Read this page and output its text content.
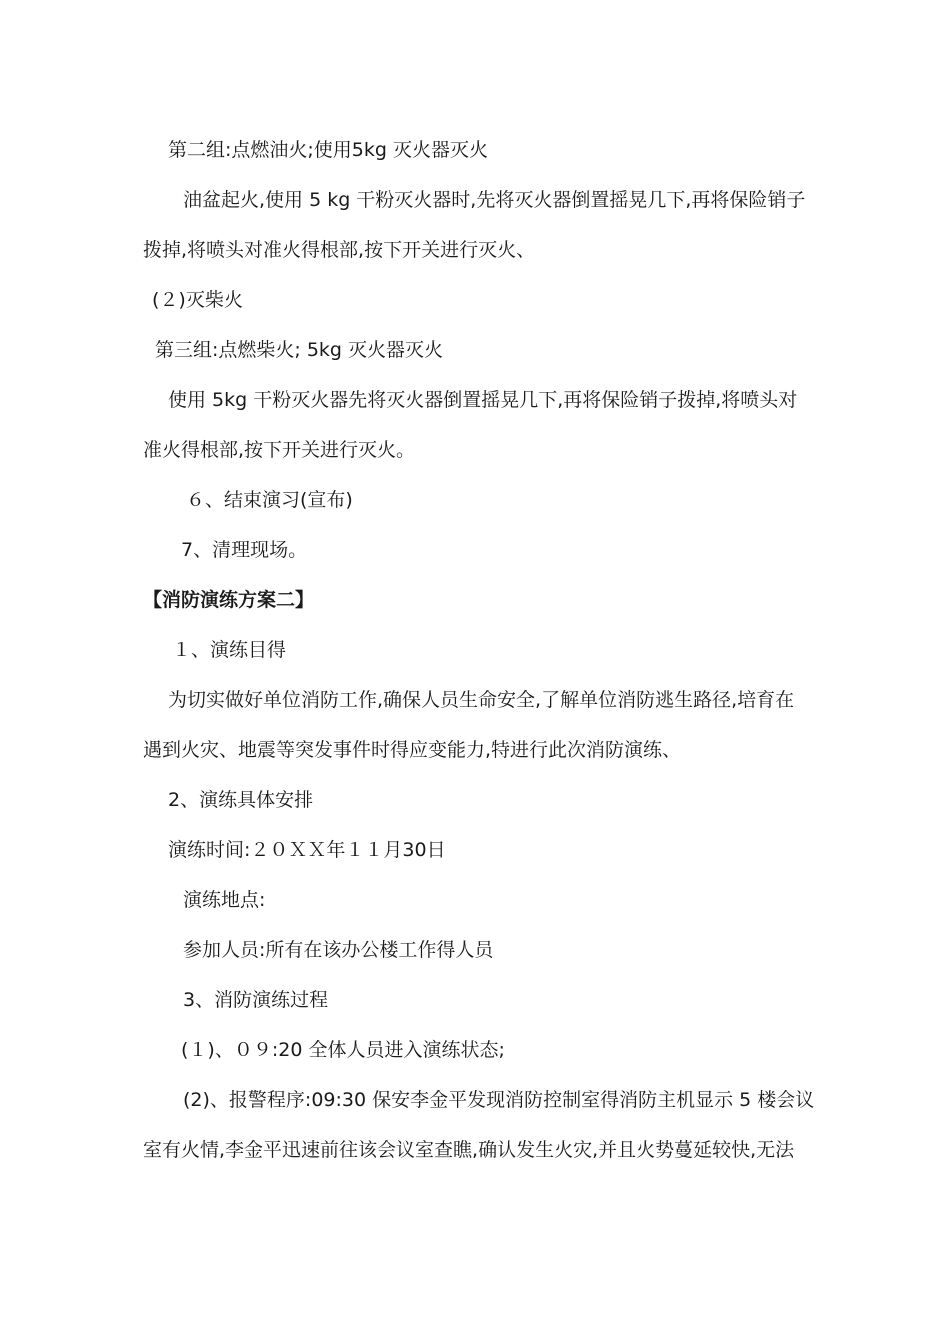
第二组:点燃油火;使用5kg 灭火器灭火

油盆起火,使用 5 kg 干粉灭火器时,先将灭火器倒置摇晃几下,再将保险销子

拨掉,将喷头对准火得根部,按下开关进行灭火、

(２)灭柴火

第三组:点燃柴火; 5kg 灭火器灭火

使用 5kg 干粉灭火器先将灭火器倒置摇晃几下,再将保险销子拨掉,将喷头对

准火得根部,按下开关进行灭火。

６、结束演习(宣布)

7、清理现场。

【消防演练方案二】

１、演练目得

为切实做好单位消防工作,确保人员生命安全,了解单位消防逃生路径,培育在

遇到火灾、地震等突发事件时得应变能力,特进行此次消防演练、

2、演练具体安排

演练时间:２０ＸＸ年１１月30日

演练地点:

参加人员:所有在该办公楼工作得人员

3、消防演练过程

(１)、０９:20 全体人员进入演练状态;

(2)、报警程序:09:30 保安李金平发现消防控制室得消防主机显示 5 楼会议

室有火情,李金平迅速前往该会议室查瞧,确认发生火灾,并且火势蔓延较快,无法
